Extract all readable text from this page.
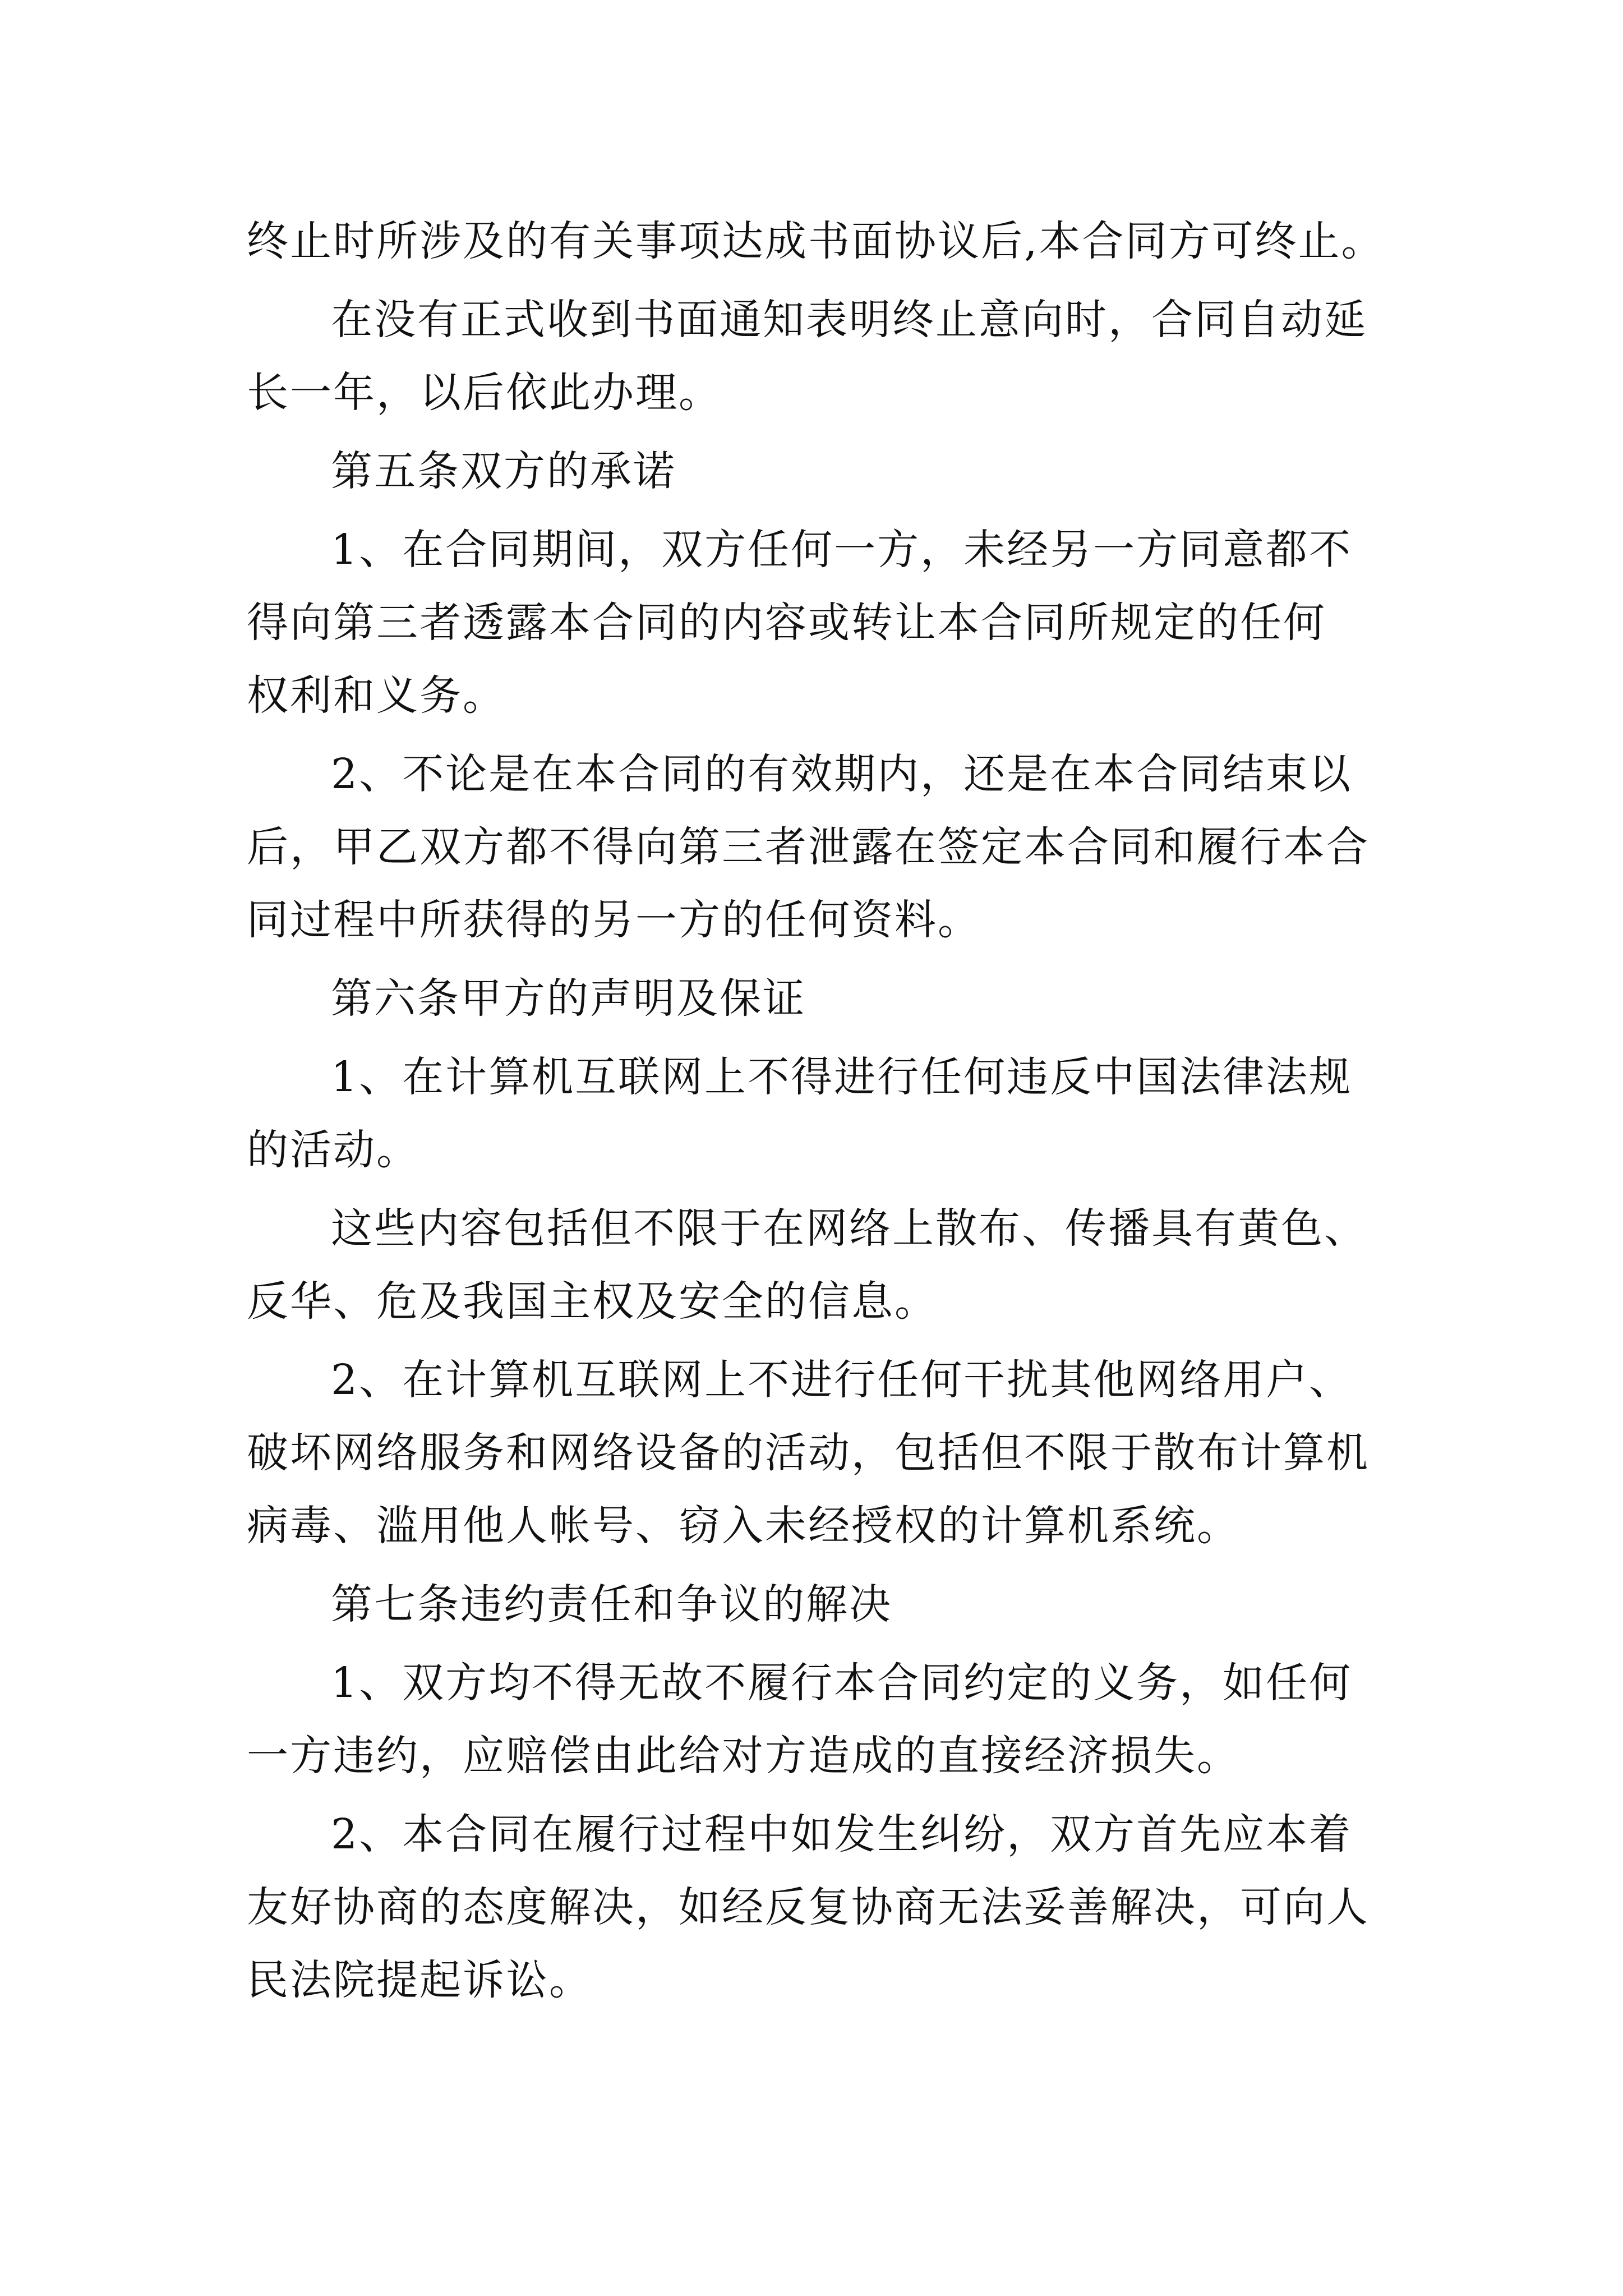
终止时所涉及的有关事项达成书面协议后,本合同方可终止。
在没有正式收到书面通知表明终止意向时，合同自动延
长一年，以后依此办理。
第五条双方的承诺
1、在合同期间，双方任何一方，未经另一方同意都不
得向第三者透露本合同的内容或转让本合同所规定的任何
权利和义务。
2、不论是在本合同的有效期内，还是在本合同结束以
后，甲乙双方都不得向第三者泄露在签定本合同和履行本合
同过程中所获得的另一方的任何资料。
第六条甲方的声明及保证
1、在计算机互联网上不得进行任何违反中国法律法规
的活动。
这些内容包括但不限于在网络上散布、传播具有黄色、
反华、危及我国主权及安全的信息。
2、在计算机互联网上不进行任何干扰其他网络用户、
破坏网络服务和网络设备的活动，包括但不限于散布计算机
病毒、滥用他人帐号、窃入未经授权的计算机系统。
第七条违约责任和争议的解决
1、双方均不得无故不履行本合同约定的义务，如任何
一方违约，应赔偿由此给对方造成的直接经济损失。
2、本合同在履行过程中如发生纠纷，双方首先应本着
友好协商的态度解决，如经反复协商无法妥善解决，可向人
民法院提起诉讼。
